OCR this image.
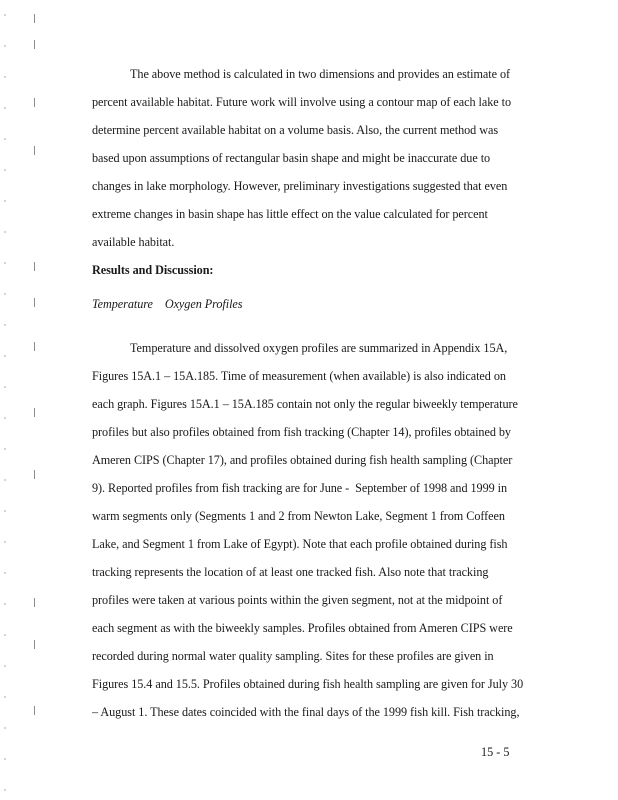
The above method is calculated in two dimensions and provides an estimate of
percent available habitat. Future work will involve using a contour map of each lake to
determine percent available habitat on a volume basis. Also, the current method was
based upon assumptions of rectangular basin shape and might be inaccurate due to
changes in lake morphology. However, preliminary investigations suggested that even
extreme changes in basin shape has little effect on the value calculated for percent
available habitat.
Results and Discussion:
Temperature    Oxygen Profiles
Temperature and dissolved oxygen profiles are summarized in Appendix 15A,
Figures 15A.1 – 15A.185. Time of measurement (when available) is also indicated on
each graph. Figures 15A.1 – 15A.185 contain not only the regular biweekly temperature
profiles but also profiles obtained from fish tracking (Chapter 14), profiles obtained by
Ameren CIPS (Chapter 17), and profiles obtained during fish health sampling (Chapter
9). Reported profiles from fish tracking are for June -  September of 1998 and 1999 in
warm segments only (Segments 1 and 2 from Newton Lake, Segment 1 from Coffeen
Lake, and Segment 1 from Lake of Egypt). Note that each profile obtained during fish
tracking represents the location of at least one tracked fish. Also note that tracking
profiles were taken at various points within the given segment, not at the midpoint of
each segment as with the biweekly samples. Profiles obtained from Ameren CIPS were
recorded during normal water quality sampling. Sites for these profiles are given in
Figures 15.4 and 15.5. Profiles obtained during fish health sampling are given for July 30
– August 1. These dates coincided with the final days of the 1999 fish kill. Fish tracking,
15 - 5
